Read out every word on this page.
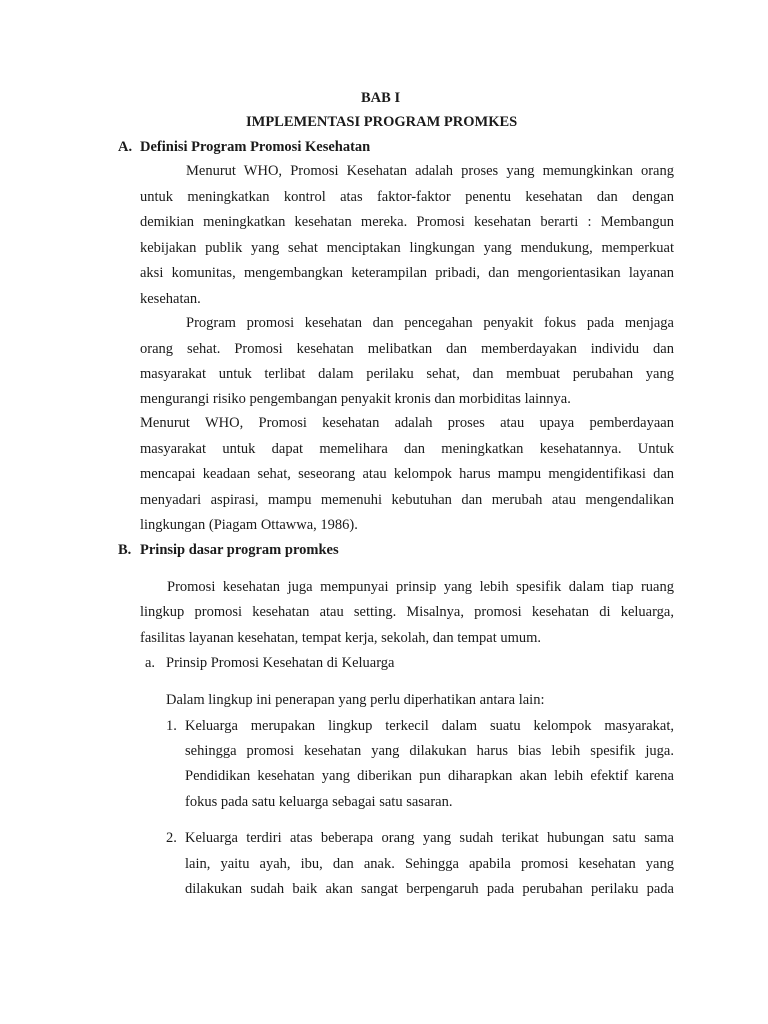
BAB I
IMPLEMENTASI PROGRAM PROMKES
A. Definisi Program Promosi Kesehatan
Menurut WHO, Promosi Kesehatan adalah proses yang memungkinkan orang
untuk meningkatkan kontrol atas faktor-faktor penentu kesehatan dan dengan
demikian meningkatkan kesehatan mereka. Promosi kesehatan berarti : Membangun
kebijakan publik yang sehat menciptakan lingkungan yang mendukung, memperkuat
aksi komunitas, mengembangkan keterampilan pribadi, dan mengorientasikan layanan
kesehatan.
Program promosi kesehatan dan pencegahan penyakit fokus pada menjaga
orang sehat. Promosi kesehatan melibatkan dan memberdayakan individu dan
masyarakat untuk terlibat dalam perilaku sehat, dan membuat perubahan yang
mengurangi risiko pengembangan penyakit kronis dan morbiditas lainnya.
Menurut WHO, Promosi kesehatan adalah proses atau upaya pemberdayaan
masyarakat untuk dapat memelihara dan meningkatkan kesehatannya. Untuk
mencapai keadaan sehat, seseorang atau kelompok harus mampu mengidentifikasi dan
menyadari aspirasi, mampu memenuhi kebutuhan dan merubah atau mengendalikan
lingkungan (Piagam Ottawwa, 1986).
B. Prinsip dasar program promkes
Promosi kesehatan juga mempunyai prinsip yang lebih spesifik dalam tiap ruang
lingkup promosi kesehatan atau setting. Misalnya, promosi kesehatan di keluarga,
fasilitas layanan kesehatan, tempat kerja, sekolah, dan tempat umum.
a. Prinsip Promosi Kesehatan di Keluarga
Dalam lingkup ini penerapan yang perlu diperhatikan antara lain:
1. Keluarga merupakan lingkup terkecil dalam suatu kelompok masyarakat,
sehingga promosi kesehatan yang dilakukan harus bias lebih spesifik juga.
Pendidikan kesehatan yang diberikan pun diharapkan akan lebih efektif karena
fokus pada satu keluarga sebagai satu sasaran.
2. Keluarga terdiri atas beberapa orang yang sudah terikat hubungan satu sama
lain, yaitu ayah, ibu, dan anak. Sehingga apabila promosi kesehatan yang
dilakukan sudah baik akan sangat berpengaruh pada perubahan perilaku pada
